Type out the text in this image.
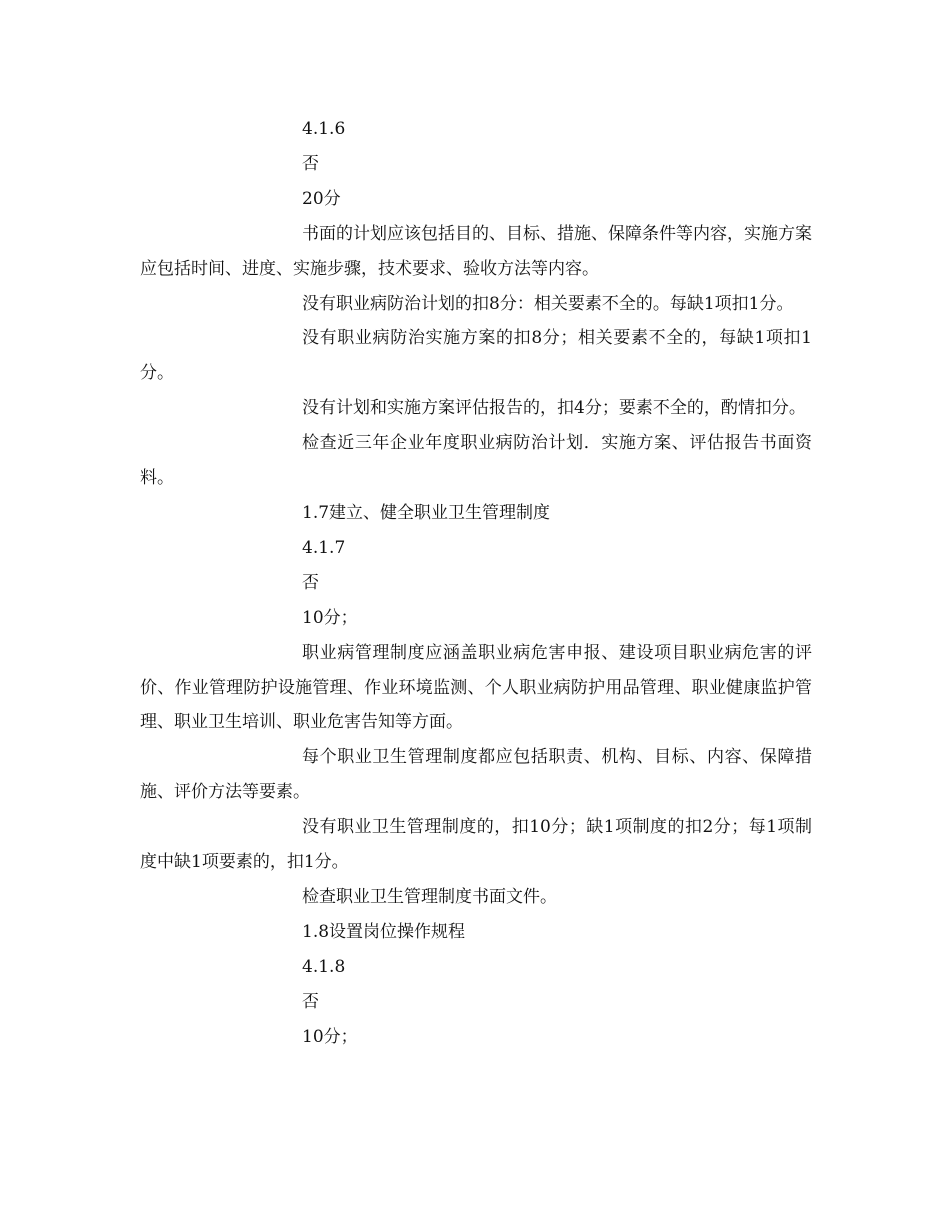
4.1.6

否

20分

书面的计划应该包括目的、目标、措施、保障条件等内容，实施方案应包括时间、进度、实施步骤，技术要求、验收方法等内容。

没有职业病防治计划的扣8分：相关要素不全的。每缺1项扣1分。

没有职业病防治实施方案的扣8分；相关要素不全的，每缺1项扣1分。

没有计划和实施方案评估报告的，扣4分；要素不全的，酌情扣分。

检查近三年企业年度职业病防治计划．实施方案、评估报告书面资料。

1.7建立、健全职业卫生管理制度

4.1.7

否

10分；

职业病管理制度应涵盖职业病危害申报、建设项目职业病危害的评价、作业管理防护设施管理、作业环境监测、个人职业病防护用品管理、职业健康监护管理、职业卫生培训、职业危害告知等方面。

每个职业卫生管理制度都应包括职责、机构、目标、内容、保障措施、评价方法等要素。

没有职业卫生管理制度的，扣10分；缺1项制度的扣2分；每1项制度中缺1项要素的，扣1分。

检查职业卫生管理制度书面文件。

1.8设置岗位操作规程

4.1.8

否

10分；
